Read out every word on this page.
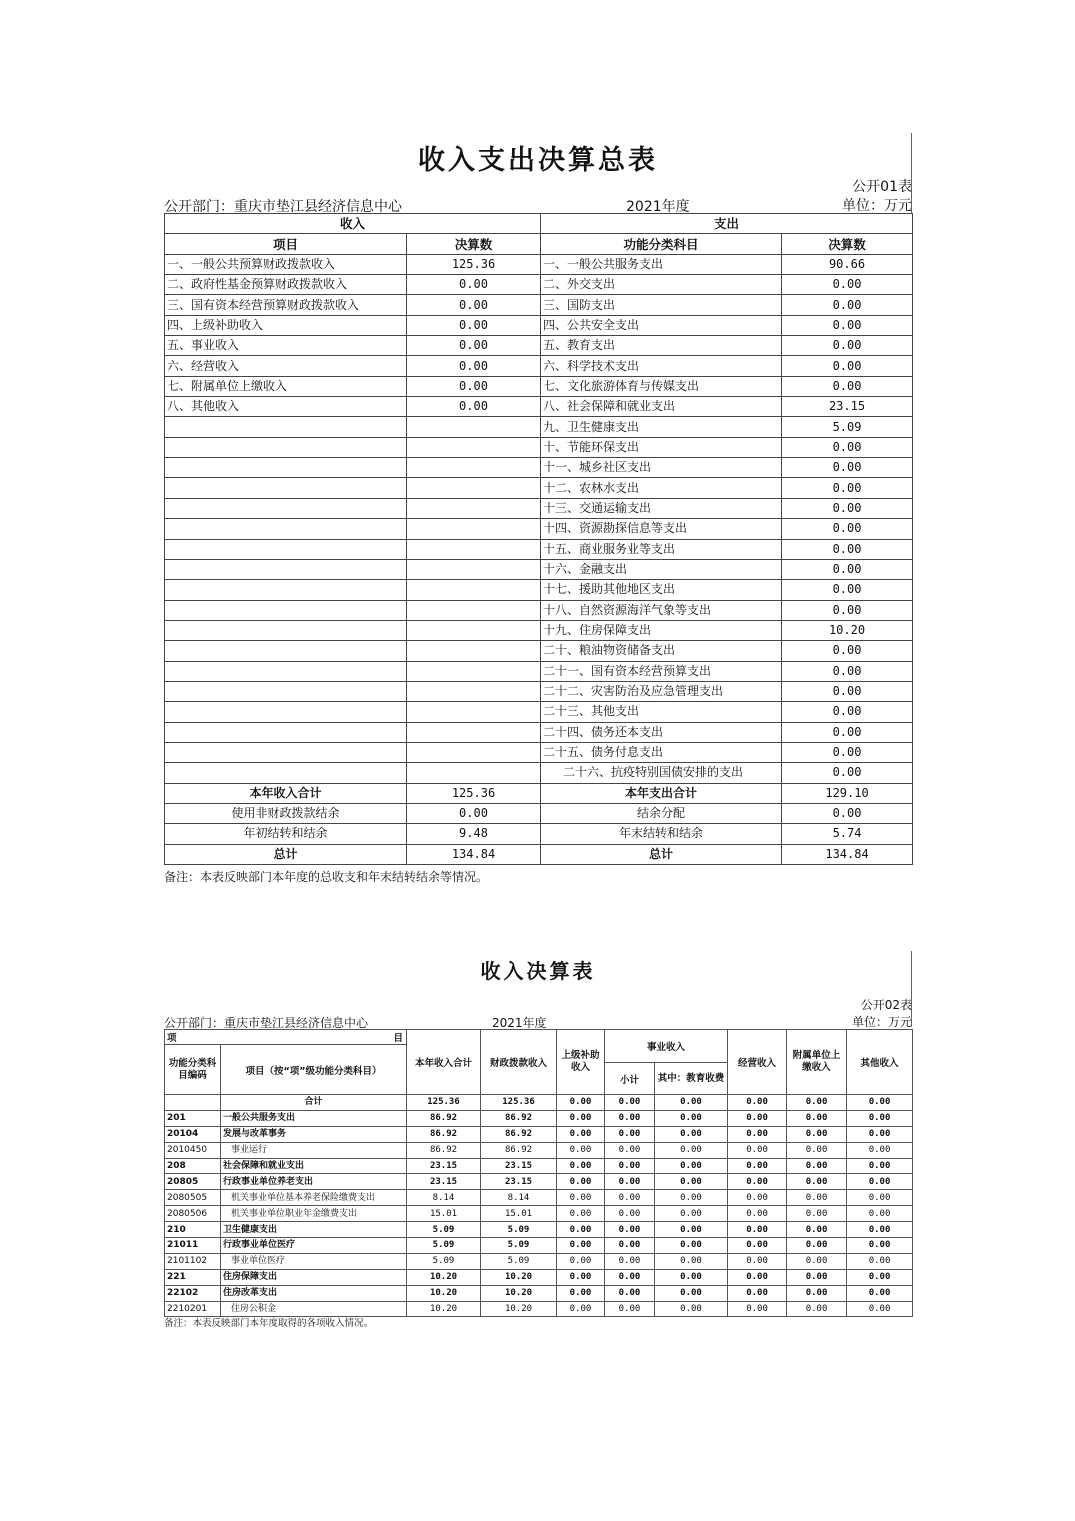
收入支出决算总表
公开01表
单位：万元
公开部门：重庆市垫江县经济信息中心	2021年度
收入		支出	
项目	决算数	功能分类科目	决算数
一、一般公共预算财政拨款收入	125.36	一、一般公共服务支出	90.66
二、政府性基金预算财政拨款收入	0.00	二、外交支出	0.00
三、国有资本经营预算财政拨款收入	0.00	三、国防支出	0.00
四、上级补助收入	0.00	四、公共安全支出	0.00
五、事业收入	0.00	五、教育支出	0.00
六、经营收入	0.00	六、科学技术支出	0.00
七、附属单位上缴收入	0.00	七、文化旅游体育与传媒支出	0.00
八、其他收入	0.00	八、社会保障和就业支出	23.15
		九、卫生健康支出	5.09
		十、节能环保支出	0.00
		十一、城乡社区支出	0.00
		十二、农林水支出	0.00
		十三、交通运输支出	0.00
		十四、资源勘探信息等支出	0.00
		十五、商业服务业等支出	0.00
		十六、金融支出	0.00
		十七、援助其他地区支出	0.00
		十八、自然资源海洋气象等支出	0.00
		十九、住房保障支出	10.20
		二十、粮油物资储备支出	0.00
		二十一、国有资本经营预算支出	0.00
		二十二、灾害防治及应急管理支出	0.00
		二十三、其他支出	0.00
		二十四、债务还本支出	0.00
		二十五、债务付息支出	0.00
		二十六、抗疫特别国债安排的支出	0.00
本年收入合计	125.36	本年支出合计	129.10
使用非财政拨款结余	0.00	结余分配	0.00
年初结转和结余	9.48	年末结转和结余	5.74
总计	134.84	总计	134.84
备注：本表反映部门本年度的总收支和年末结转结余等情况。
收入决算表
公开02表
单位：万元
公开部门：重庆市垫江县经济信息中心	2021年度
项 目		本年收入合计	财政拨款收入	上级补助收入	事业收入		经营收入	附属单位上缴收入	其他收入
功能分类科目编码	项目（按“项”级功能分类科目）								
					小计	其中：教育收费			
	合计	125.36	125.36	0.00	0.00	0.00	0.00	0.00	0.00
201	一般公共服务支出	86.92	86.92	0.00	0.00	0.00	0.00	0.00	0.00
20104	发展与改革事务	86.92	86.92	0.00	0.00	0.00	0.00	0.00	0.00
2010450	事业运行	86.92	86.92	0.00	0.00	0.00	0.00	0.00	0.00
208	社会保障和就业支出	23.15	23.15	0.00	0.00	0.00	0.00	0.00	0.00
20805	行政事业单位养老支出	23.15	23.15	0.00	0.00	0.00	0.00	0.00	0.00
2080505	机关事业单位基本养老保险缴费支出	8.14	8.14	0.00	0.00	0.00	0.00	0.00	0.00
2080506	机关事业单位职业年金缴费支出	15.01	15.01	0.00	0.00	0.00	0.00	0.00	0.00
210	卫生健康支出	5.09	5.09	0.00	0.00	0.00	0.00	0.00	0.00
21011	行政事业单位医疗	5.09	5.09	0.00	0.00	0.00	0.00	0.00	0.00
2101102	事业单位医疗	5.09	5.09	0.00	0.00	0.00	0.00	0.00	0.00
221	住房保障支出	10.20	10.20	0.00	0.00	0.00	0.00	0.00	0.00
22102	住房改革支出	10.20	10.20	0.00	0.00	0.00	0.00	0.00	0.00
2210201	住房公积金	10.20	10.20	0.00	0.00	0.00	0.00	0.00	0.00
备注：本表反映部门本年度取得的各项收入情况。
